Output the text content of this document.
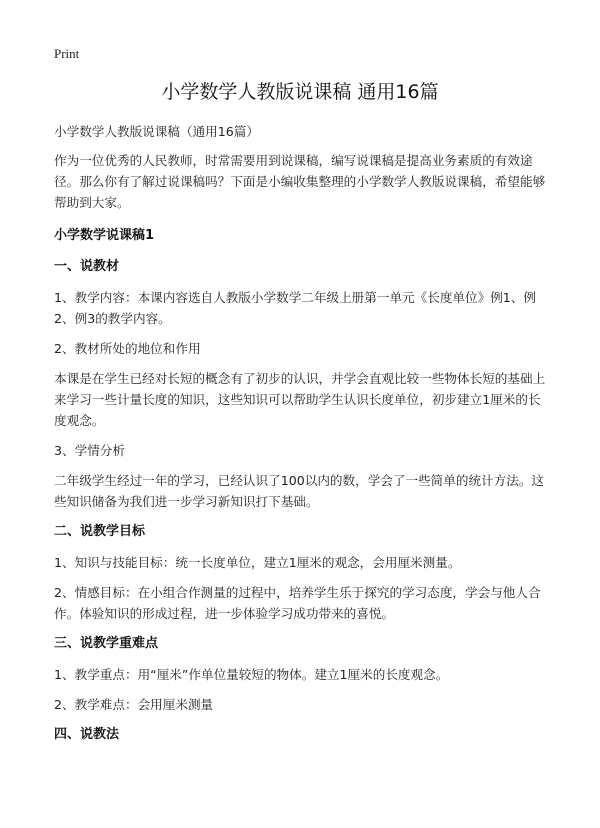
Print
小学数学人教版说课稿 通用16篇

小学数学人教版说课稿（通用16篇）

作为一位优秀的人民教师，时常需要用到说课稿，编写说课稿是提高业务素质的有效途径。那么你有了解过说课稿吗？下面是小编收集整理的小学数学人教版说课稿，希望能够帮助到大家。

小学数学说课稿1

一、说教材

1、教学内容：本课内容选自人教版小学数学二年级上册第一单元《长度单位》例1、例2、例3的教学内容。

2、教材所处的地位和作用

本课是在学生已经对长短的概念有了初步的认识，并学会直观比较一些物体长短的基础上来学习一些计量长度的知识，这些知识可以帮助学生认识长度单位，初步建立1厘米的长度观念。

3、学情分析

二年级学生经过一年的学习，已经认识了100以内的数，学会了一些简单的统计方法。这些知识储备为我们进一步学习新知识打下基础。

二、说教学目标

1、知识与技能目标：统一长度单位，建立1厘米的观念，会用厘米测量。

2、情感目标：在小组合作测量的过程中，培养学生乐于探究的学习态度，学会与他人合作。体验知识的形成过程，进一步体验学习成功带来的喜悦。

三、说教学重难点

1、教学重点：用“厘米”作单位量较短的物体。建立1厘米的长度观念。

2、教学难点：会用厘米测量

四、说教法
